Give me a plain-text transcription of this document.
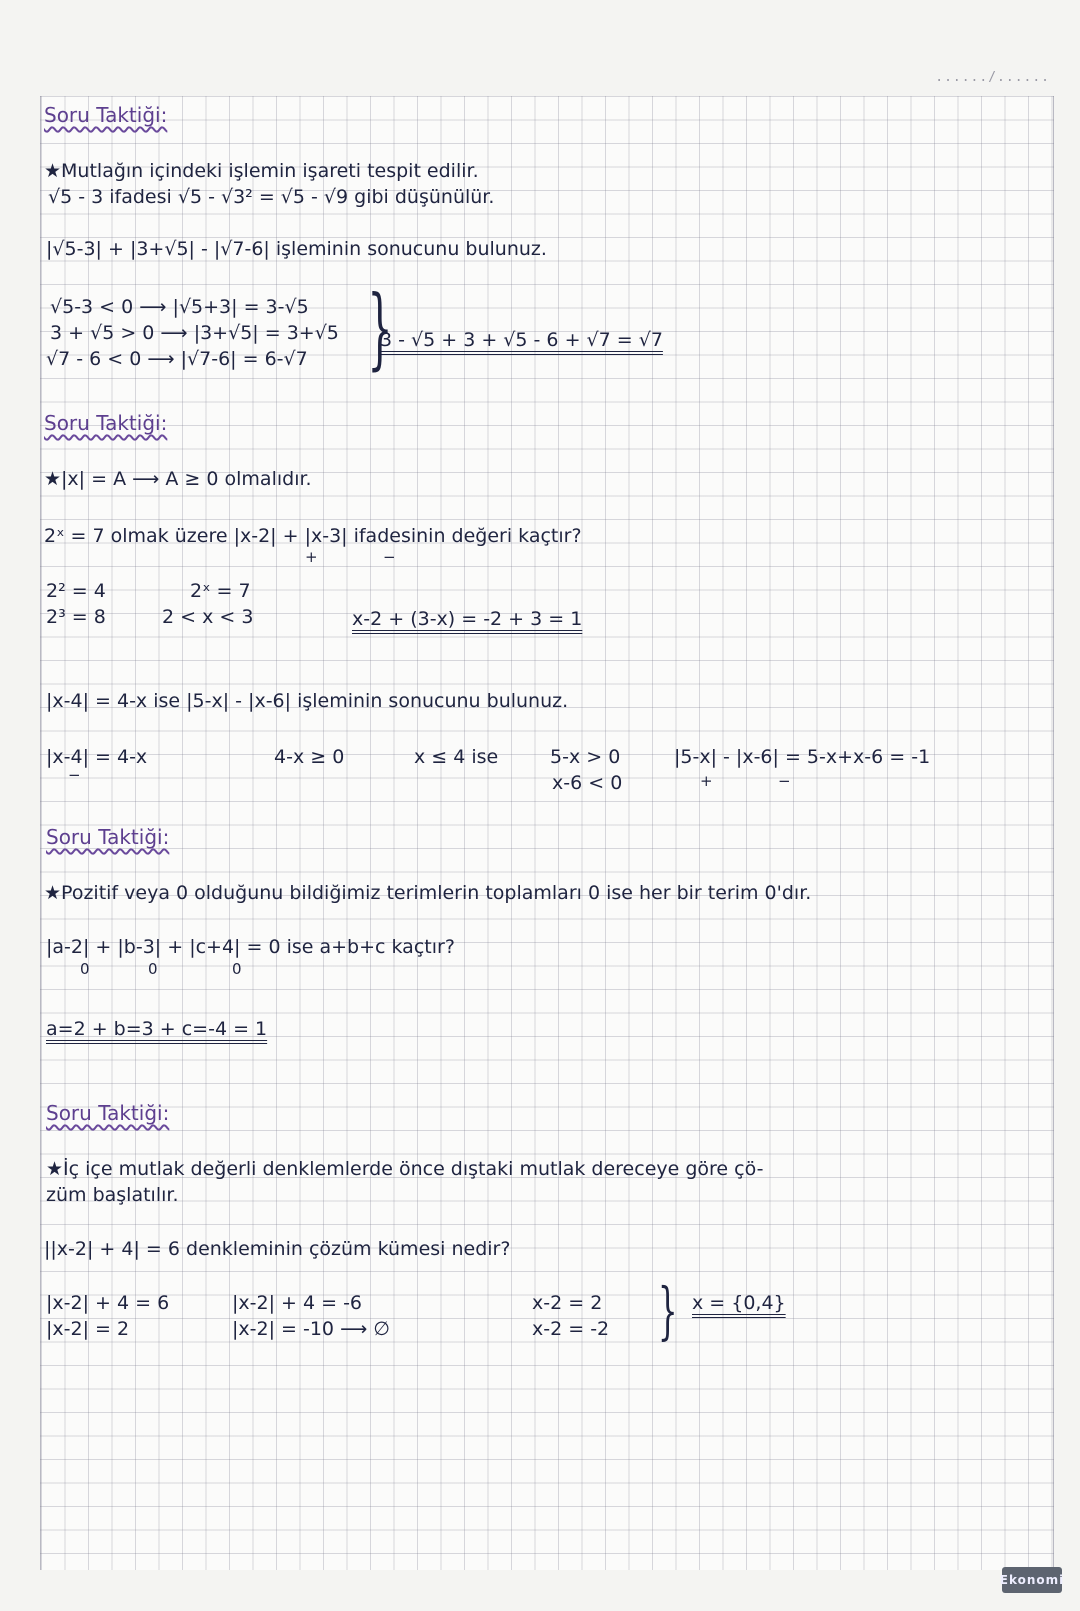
....../......
Soru Taktiği:
★Mutlağın içindeki işlemin işareti tespit edilir.
√5 - 3 ifadesi √5 - √3² = √5 - √9 gibi düşünülür.
|√5-3| + |3+√5| - |√7-6| işleminin sonucunu bulunuz.
√5-3 < 0 ⟶ |√5+3| = 3-√5
3 + √5 > 0 ⟶ |3+√5| = 3+√5
√7 - 6 < 0 ⟶ |√7-6| = 6-√7 }
3 - √5 + 3 + √5 - 6 + √7 = √7
Soru Taktiği:
★|x| = A ⟶ A ≥ 0 olmalıdır.
2ˣ = 7 olmak üzere |x-2| + |x-3| ifadesinin değeri kaçtır?
+	−
2² = 4
2³ = 8
2ˣ = 7
2 < x < 3	x-2 + (3-x) = -2 + 3 = 1
|x-4| = 4-x ise |5-x| - |x-6| işleminin sonucunu bulunuz.
|x-4| = 4-x
−
4-x ≥ 0	x ≤ 4 ise	5-x > 0
x-6 < 0
|5-x| - |x-6| = 5-x+x-6 = -1
+	−
Soru Taktiği:
★Pozitif veya 0 olduğunu bildiğimiz terimlerin toplamları 0 ise her bir terim 0'dır.
|a-2| + |b-3| + |c+4| = 0 ise a+b+c kaçtır?
0	0	0
a=2 + b=3 + c=-4 = 1
Soru Taktiği:
★İç içe mutlak değerli denklemlerde önce dıştaki mutlak dereceye göre çö-
züm başlatılır.
||x-2| + 4| = 6 denkleminin çözüm kümesi nedir?
|x-2| + 4 = 6
|x-2| = 2
|x-2| + 4 = -6
|x-2| = -10 ⟶ ∅
x-2 = 2
x-2 = -2 } x = {0,4}
Ekonomi
